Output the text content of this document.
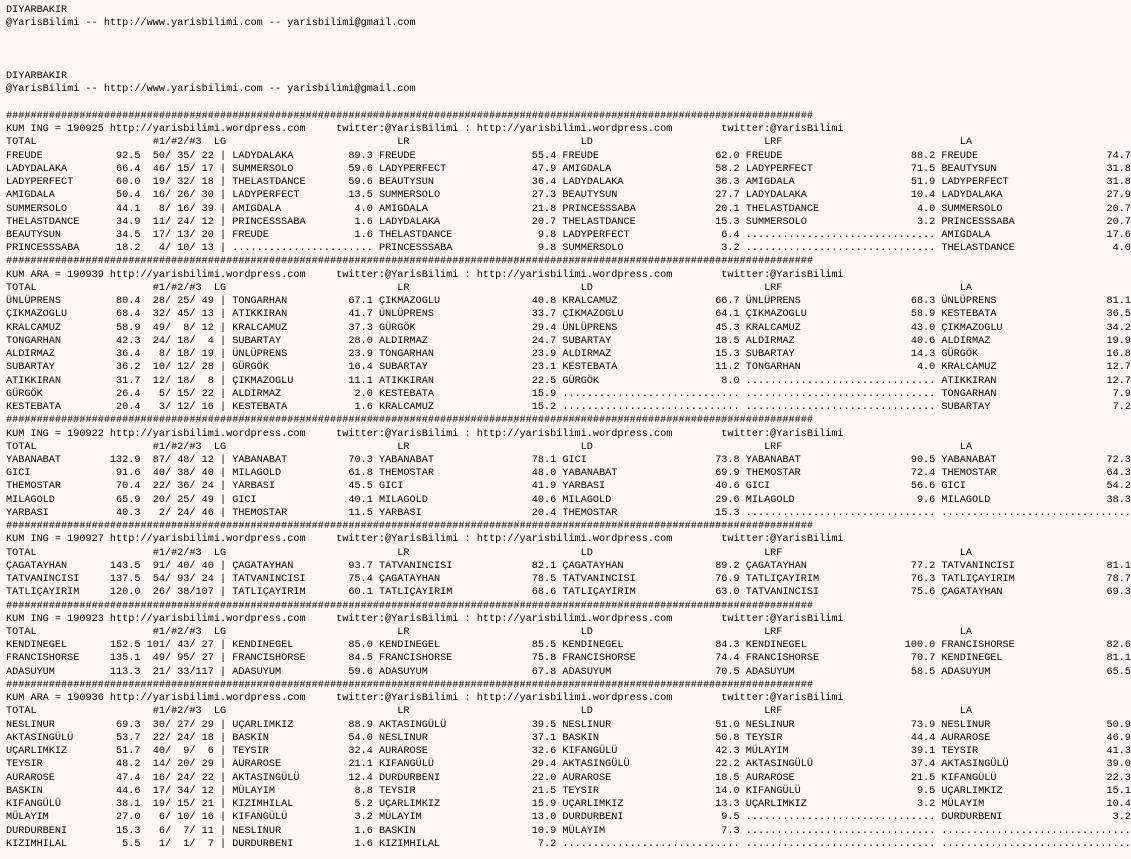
DIYARBAKIR
@YarisBilimi -- http://www.yarisbilimi.com -- yarisbilimi@gmail.com
DIYARBAKIR
@YarisBilimi -- http://www.yarisbilimi.com -- yarisbilimi@gmail.com
####################################################################################################################################
KUM ING = 190925 http://yarisbilimi.wordpress.com     twitter:@YarisBilimi : http://yarisbilimi.wordpress.com        twitter:@YarisBilimi
TOTAL                   #1/#2/#3  LG                            LR                            LD                            LRF                             LA
FREUDE            92.5  50/ 35/ 22 | LADYDALAKA         89.3 FREUDE                   55.4 FREUDE                   62.0 FREUDE                     88.2 FREUDE                     74.7
LADYDALAKA        66.4  46/ 15/ 17 | SUMMERSOLO         59.6 LADYPERFECT              47.9 AMIGDALA                 58.2 LADYPERFECT                71.5 BEAUTYSUN                  31.8
LADYPERFECT       60.0  19/ 32/ 18 | THELASTDANCE       59.6 BEAUTYSUN                36.4 LADYDALAKA               36.3 AMIGDALA                   51.9 LADYPERFECT                31.8
AMIGDALA          50.4  16/ 26/ 30 | LADYPERFECT        13.5 SUMMERSOLO               27.3 BEAUTYSUN                27.7 LADYDALAKA                 10.4 LADYDALAKA                 27.9
SUMMERSOLO        44.1   8/ 16/ 39 | AMIGDALA            4.0 AMIGDALA                 21.8 PRINCESSSABA             20.1 THELASTDANCE                4.0 SUMMERSOLO                 20.7
THELASTDANCE      34.9  11/ 24/ 12 | PRINCESSSABA        1.6 LADYDALAKA               20.7 THELASTDANCE             15.3 SUMMERSOLO                  3.2 PRINCESSSABA               20.7
BEAUTYSUN         34.5  17/ 13/ 20 | FREUDE              1.6 THELASTDANCE              9.8 LADYPERFECT               6.4 ............................... AMIGDALA                   17.6
PRINCESSSABA      18.2   4/ 10/ 13 | ....................... PRINCESSSABA              9.8 SUMMERSOLO                3.2 ............................... THELASTDANCE                4.0
####################################################################################################################################
KUM ARA = 190939 http://yarisbilimi.wordpress.com     twitter:@YarisBilimi : http://yarisbilimi.wordpress.com        twitter:@YarisBilimi
TOTAL                   #1/#2/#3  LG                            LR                            LD                            LRF                             LA
ÜNLÜPRENS         80.4  28/ 25/ 49 | TONGARHAN          67.1 ÇIKMAZOGLU               40.8 KRALCAMUZ                66.7 ÜNLÜPRENS                  68.3 ÜNLÜPRENS                  81.1
ÇIKMAZOGLU        68.4  32/ 45/ 13 | ATIKKIRAN          41.7 ÜNLÜPRENS                33.7 ÇIKMAZOGLU               64.1 ÇIKMAZOGLU                 58.9 KESTEBATA                  36.5
KRALCAMUZ         58.9  49/  8/ 12 | KRALCAMUZ          37.3 GÜRGÖK                   29.4 ÜNLÜPRENS                45.3 KRALCAMUZ                  43.0 ÇIKMAZOGLU                 34.2
TONGARHAN         42.3  24/ 18/  4 | SUBARTAY           28.0 ALDIRMAZ                 24.7 SUBARTAY                 18.5 ALDIRMAZ                   40.6 ALDIRMAZ                   19.9
ALDIRMAZ          36.4   8/ 18/ 19 | ÜNLÜPRENS          23.9 TONGARHAN                23.9 ALDIRMAZ                 15.3 SUBARTAY                   14.3 GÜRGÖK                     16.8
SUBARTAY          36.2  10/ 12/ 28 | GÜRGÖK             16.4 SUBARTAY                 23.1 KESTEBATA                11.2 TONGARHAN                   4.0 KRALCAMUZ                  12.7
ATIKKIRAN         31.7  12/ 18/  8 | ÇIKMAZOGLU         11.1 ATIKKIRAN                22.5 GÜRGÖK                    8.0 ............................... ATIKKIRAN                  12.7
GÜRGÖK            26.4   5/ 15/ 22 | ALDIRMAZ            2.0 KESTEBATA                15.9 ............................. ............................... TONGARHAN                   7.9
KESTEBATA         20.4   3/ 12/ 16 | KESTEBATA           1.6 KRALCAMUZ                15.2 ............................. ............................... SUBARTAY                    7.2
####################################################################################################################################
KUM ING = 190922 http://yarisbilimi.wordpress.com     twitter:@YarisBilimi : http://yarisbilimi.wordpress.com        twitter:@YarisBilimi
TOTAL                   #1/#2/#3  LG                            LR                            LD                            LRF                             LA
YABANABAT        132.9  87/ 48/ 12 | YABANABAT          70.3 YABANABAT                78.1 GICI                     73.8 YABANABAT                  90.5 YABANABAT                  72.3
GICI              91.6  40/ 38/ 40 | MILAGOLD           61.8 THEMOSTAR                48.0 YABANABAT                69.9 THEMOSTAR                  72.4 THEMOSTAR                  64.3
THEMOSTAR         70.4  22/ 36/ 24 | YARBASI            45.5 GICI                     41.9 YARBASI                  40.6 GICI                       56.6 GICI                       54.2
MILAGOLD          65.9  20/ 25/ 49 | GICI               40.1 MILAGOLD                 40.6 MILAGOLD                 29.6 MILAGOLD                    9.6 MILAGOLD                   38.3
YARBASI           40.3   2/ 24/ 46 | THEMOSTAR          11.5 YARBASI                  20.4 THEMOSTAR                15.3 ............................... ...............................
####################################################################################################################################
KUM ING = 190927 http://yarisbilimi.wordpress.com     twitter:@YarisBilimi : http://yarisbilimi.wordpress.com        twitter:@YarisBilimi
TOTAL                   #1/#2/#3  LG                            LR                            LD                            LRF                             LA
ÇAGATAYHAN       143.5  91/ 40/ 40 | ÇAGATAYHAN         93.7 TATVANINCISI             82.1 ÇAGATAYHAN               89.2 ÇAGATAYHAN                 77.2 TATVANINCISI               81.1
TATVANINCISI     137.5  54/ 93/ 24 | TATVANINCISI       75.4 ÇAGATAYHAN               78.5 TATVANINCISI             76.9 TATLIÇAYIRIM               76.3 TATLIÇAYIRIM               78.7
TATLIÇAYIRIM     120.0  26/ 38/107 | TATLIÇAYIRIM       60.1 TATLIÇAYIRIM             68.6 TATLIÇAYIRIM             63.0 TATVANINCISI               75.6 ÇAGATAYHAN                 69.3
####################################################################################################################################
KUM ING = 190923 http://yarisbilimi.wordpress.com     twitter:@YarisBilimi : http://yarisbilimi.wordpress.com        twitter:@YarisBilimi
TOTAL                   #1/#2/#3  LG                            LR                            LD                            LRF                             LA
KENDINEGEL       152.5 101/ 43/ 27 | KENDINEGEL         85.0 KENDINEGEL               85.5 KENDINEGEL               84.3 KENDINEGEL                100.0 FRANCISHORSE               82.6
FRANCISHORSE     135.1  49/ 95/ 27 | FRANCISHORSE       84.5 FRANCISHORSE             75.8 FRANCISHORSE             74.4 FRANCISHORSE               70.7 KENDINEGEL                 81.1
ADASUYUM         113.3  21/ 33/117 | ADASUYUM           59.6 ADASUYUM                 67.8 ADASUYUM                 70.5 ADASUYUM                   58.5 ADASUYUM                   65.5
####################################################################################################################################
KUM ARA = 190936 http://yarisbilimi.wordpress.com     twitter:@YarisBilimi : http://yarisbilimi.wordpress.com        twitter:@YarisBilimi
TOTAL                   #1/#2/#3  LG                            LR                            LD                            LRF                             LA
NESLINUR          69.3  30/ 27/ 29 | UÇARLIMKIZ         88.9 AKTASINGÜLÜ              39.5 NESLINUR                 51.0 NESLINUR                   73.9 NESLINUR                   50.9
AKTASINGÜLÜ       53.7  22/ 24/ 18 | BASKIN             54.0 NESLINUR                 37.1 BASKIN                   50.8 TEYSIR                     44.4 AURAROSE                   46.9
UÇARLIMKIZ        51.7  40/  9/  6 | TEYSIR             32.4 AURAROSE                 32.6 KIFANGÜLÜ                42.3 MÜLAYIM                    39.1 TEYSIR                     41.3
TEYSIR            48.2  14/ 20/ 29 | AURAROSE           21.1 KIFANGÜLÜ                29.4 AKTASINGÜLÜ              22.2 AKTASINGÜLÜ                37.4 AKTASINGÜLÜ                39.0
AURAROSE          47.4  16/ 24/ 22 | AKTASINGÜLÜ        12.4 DURDURBENI               22.0 AURAROSE                 18.5 AURAROSE                   21.5 KIFANGÜLÜ                  22.3
BASKIN            44.6  17/ 34/ 12 | MÜLAYIM             8.8 TEYSIR                   21.5 TEYSIR                   14.0 KIFANGÜLÜ                   9.5 UÇARLIMKIZ                 15.1
KIFANGÜLÜ         38.1  19/ 15/ 21 | KIZIMHILAL          5.2 UÇARLIMKIZ               15.9 UÇARLIMKIZ               13.3 UÇARLIMKIZ                  3.2 MÜLAYIM                    10.4
MÜLAYIM           27.0   6/ 10/ 16 | KIFANGÜLÜ           3.2 MÜLAYIM                  13.0 DURDURBENI                9.5 ............................... DURDURBENI                  3.2
DURDURBENI        15.3   6/  7/ 11 | NESLINUR            1.6 BASKIN                   10.9 MÜLAYIM                   7.3 ............................... ...............................
KIZIMHILAL         5.5   1/  1/  7 | DURDURBENI          1.6 KIZIMHILAL                7.2 ............................. ............................... ...............................
